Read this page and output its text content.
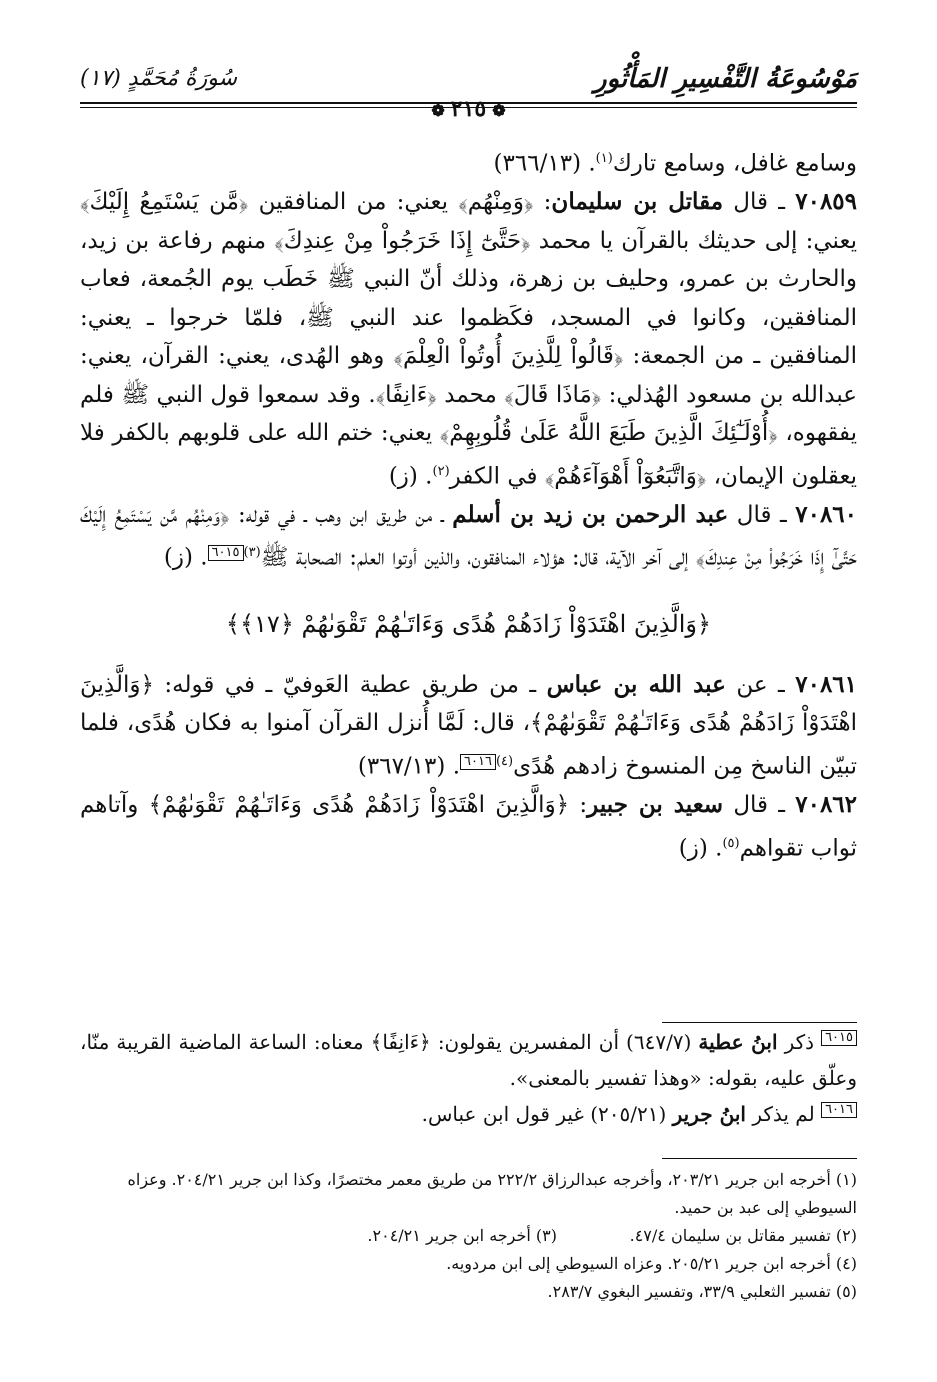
مَوْسُوعَةُ التَّفْسِيرِ المَأْثُورِ
سُورَةُ مُحَمَّدٍ (١٧)
❁٢١٥❁

وسامع غافل، وسامع تارك$^{(١)}$. (٣٦٦/١٣)

٧٠٨٥٩ ـ قال مقاتل بن سليمان: ﴿وَمِنْهُم﴾ يعني: من المنافقين ﴿مَّن يَسْتَمِعُ إِلَيْكَ﴾ يعني: إلى حديثك بالقرآن يا محمد ﴿حَتَّىٰٓ إِذَا خَرَجُواْ مِنْ عِندِكَ﴾ منهم رفاعة بن زيد، والحارث بن عمرو، وحليف بن زهرة، وذلك أنّ النبي ﷺ خَطَب يوم الجُمعة، فعاب المنافقين، وكانوا في المسجد، فكَظموا عند النبي ﷺ، فلمّا خرجوا ـ يعني: المنافقين ـ من الجمعة: ﴿قَالُواْ لِلَّذِينَ أُوتُواْ الْعِلْمَ﴾ وهو الهُدى، يعني: القرآن، يعني: عبدالله بن مسعود الهُذلي: ﴿مَاذَا قَالَ﴾ محمد ﴿ءَانِفًا﴾. وقد سمعوا قول النبي ﷺ فلم يفقهوه، ﴿أُوْلَـٰٓئِكَ الَّذِينَ طَبَعَ اللَّهُ عَلَىٰ قُلُوبِهِمْ﴾ يعني: ختم الله على قلوبهم بالكفر فلا يعقلون الإيمان، ﴿وَاتَّبَعُوٓاْ أَهْوَآءَهُمْ﴾ في الكفر$^{(٢)}$. (ز)

٧٠٨٦٠ ـ قال عبد الرحمن بن زيد بن أسلم ـ من طريق ابن وهب ـ في قوله: ﴿وَمِنْهُم مَّن يَسْتَمِعُ إِلَيْكَ حَتَّىٰٓ إِذَا خَرَجُواْ مِنْ عِندِكَ﴾ إلى آخر الآية، قال: هؤلاء المنافقون، والذين أوتوا العلم: الصحابة ﷺ$^{(٣)}$٦٠١٥. (ز)

﴿وَالَّذِينَ اهْتَدَوْاْ زَادَهُمْ هُدًى وَءَاتَـٰهُمْ تَقْوَىٰهُمْ ﴿١٧﴾﴾

٧٠٨٦١ ـ عن عبد الله بن عباس ـ من طريق عطية العَوفيّ ـ في قوله: ﴿وَالَّذِينَ اهْتَدَوْاْ زَادَهُمْ هُدًى وَءَاتَـٰهُمْ تَقْوَىٰهُمْ﴾، قال: لَمَّا أُنزل القرآن آمنوا به فكان هُدًى، فلما تبيّن الناسخ مِن المنسوخ زادهم هُدًى$^{(٤)}$٦٠١٦. (٣٦٧/١٣)

٧٠٨٦٢ ـ قال سعيد بن جبير: ﴿وَالَّذِينَ اهْتَدَوْاْ زَادَهُمْ هُدًى وَءَاتَـٰهُمْ تَقْوَىٰهُمْ﴾ وآتاهم ثواب تقواهم$^{(٥)}$. (ز)

٦٠١٥ ذكر ابنُ عطية (٦٤٧/٧) أن المفسرين يقولون: ﴿ءَانِفًا﴾ معناه: الساعة الماضية القريبة منّا، وعلّق عليه، بقوله: «وهذا تفسير بالمعنى».

٦٠١٦ لم يذكر ابنُ جرير (٢٠٥/٢١) غير قول ابن عباس.

(١) أخرجه ابن جرير ٢٠٣/٢١، وأخرجه عبدالرزاق ٢٢٢/٢ من طريق معمر مختصرًا، وكذا ابن جرير ٢٠٤/٢١. وعزاه السيوطي إلى عبد بن حميد.

(٢) تفسير مقاتل بن سليمان ٤٧/٤.

(٣) أخرجه ابن جرير ٢٠٤/٢١.

(٤) أخرجه ابن جرير ٢٠٥/٢١. وعزاه السيوطي إلى ابن مردويه.

(٥) تفسير الثعلبي ٣٣/٩، وتفسير البغوي ٢٨٣/٧.
